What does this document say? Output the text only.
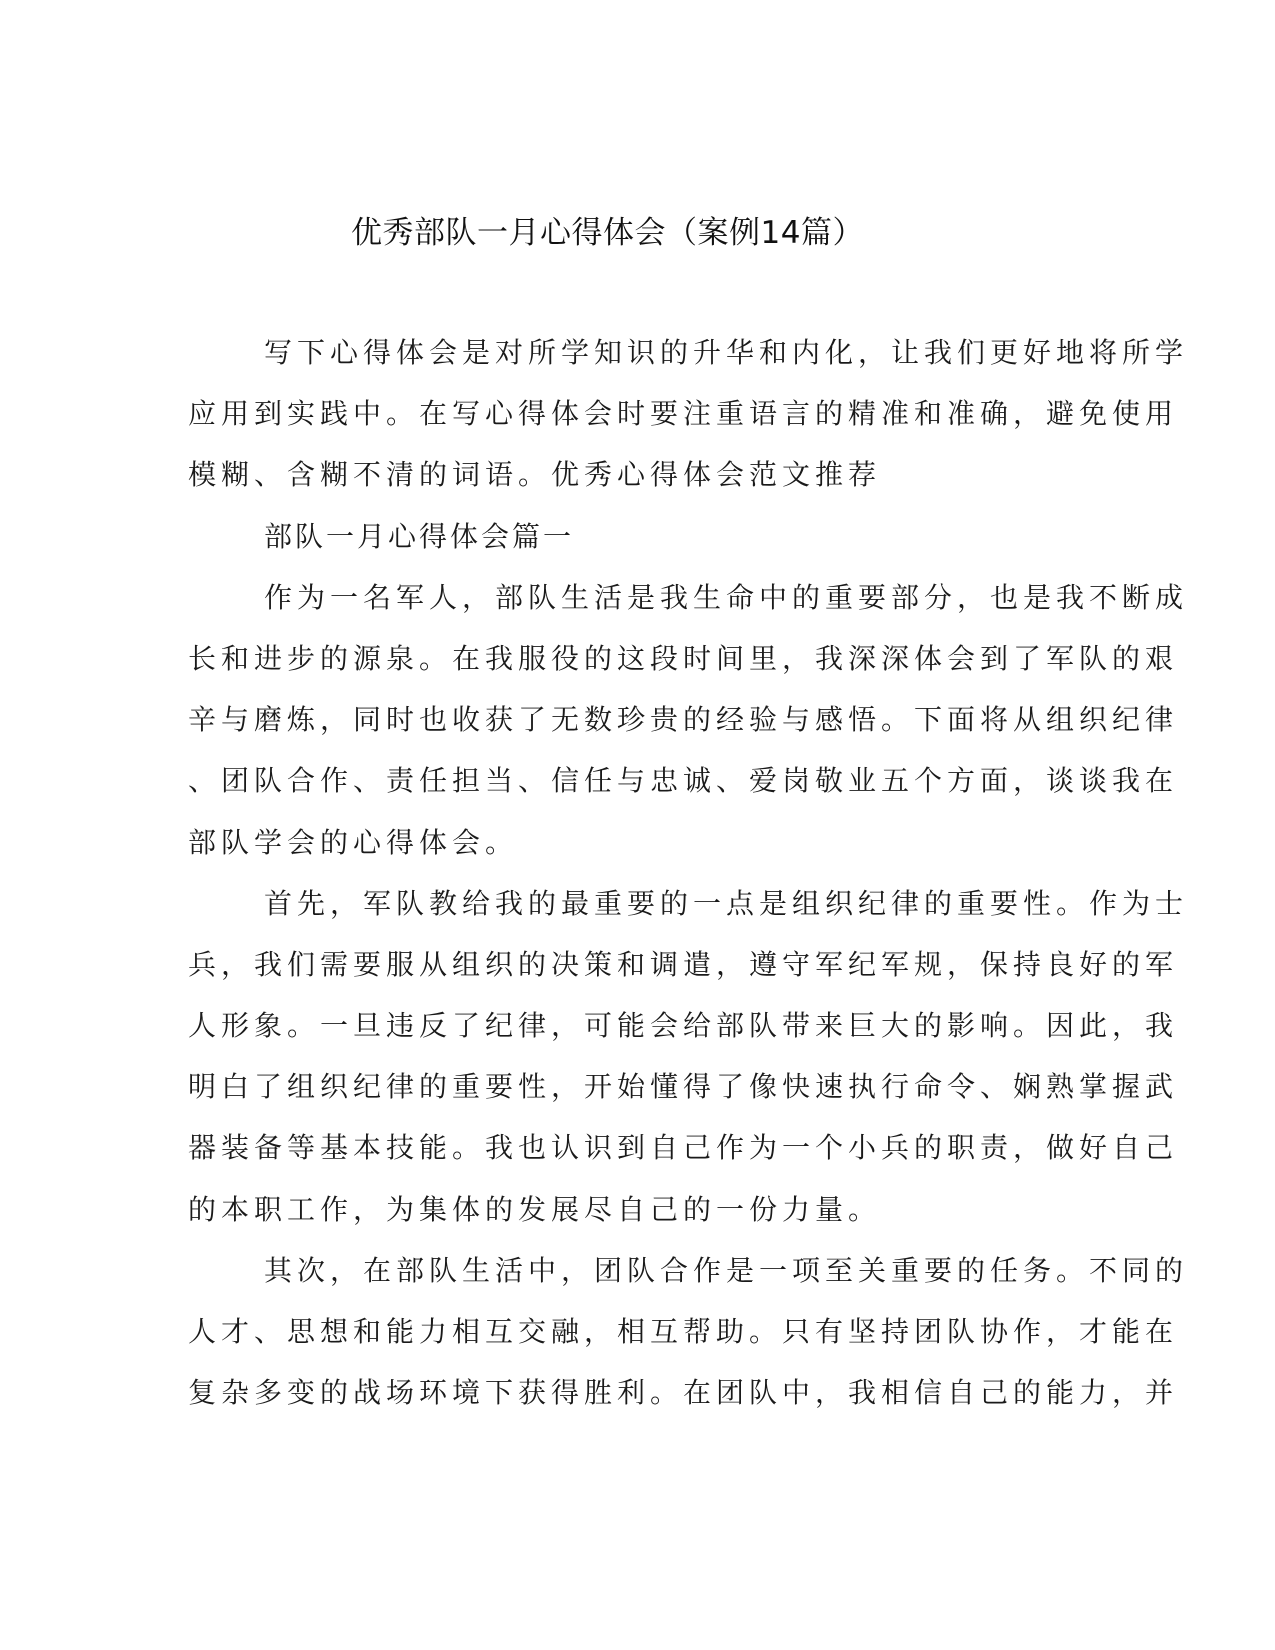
优秀部队一月心得体会（案例14篇）
写下心得体会是对所学知识的升华和内化，让我们更好地将所学
应用到实践中。在写心得体会时要注重语言的精准和准确，避免使用
模糊、含糊不清的词语。优秀心得体会范文推荐
部队一月心得体会篇一
作为一名军人，部队生活是我生命中的重要部分，也是我不断成
长和进步的源泉。在我服役的这段时间里，我深深体会到了军队的艰
辛与磨炼，同时也收获了无数珍贵的经验与感悟。下面将从组织纪律
、团队合作、责任担当、信任与忠诚、爱岗敬业五个方面，谈谈我在
部队学会的心得体会。
首先，军队教给我的最重要的一点是组织纪律的重要性。作为士
兵，我们需要服从组织的决策和调遣，遵守军纪军规，保持良好的军
人形象。一旦违反了纪律，可能会给部队带来巨大的影响。因此，我
明白了组织纪律的重要性，开始懂得了像快速执行命令、娴熟掌握武
器装备等基本技能。我也认识到自己作为一个小兵的职责，做好自己
的本职工作，为集体的发展尽自己的一份力量。
其次，在部队生活中，团队合作是一项至关重要的任务。不同的
人才、思想和能力相互交融，相互帮助。只有坚持团队协作，才能在
复杂多变的战场环境下获得胜利。在团队中，我相信自己的能力，并
